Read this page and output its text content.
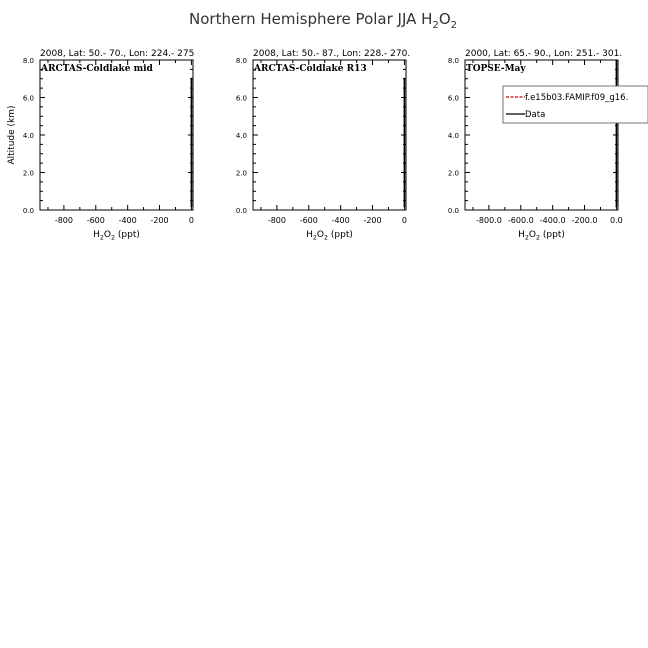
Northern Hemisphere Polar JJA $H_2O_2$
2008, Lat: 50.- 70., Lon: 224.- 275
ARCTAS-Coldlake mid
-800 -600 -400 -200	0
0.0
2.0
4.0
6.0
8.0
$H_2O_2$ (ppt)
Altitude (km)
2008, Lat: 50.- 87., Lon: 228.- 270.
ARCTAS-Coldlake R13
-800 -600 -400 -200	0
0.0
2.0
4.0
6.0
8.0
$H_2O_2$ (ppt)
2000, Lat: 65.- 90., Lon: 251.- 301.
TOPSE-May
-800.0 -600.0 -400.0 -200.0 0.0
0.0
2.0
4.0
6.0
8.0
$H_2O_2$ (ppt)
f.e15b03.FAMIP.f09_g16.
Data
